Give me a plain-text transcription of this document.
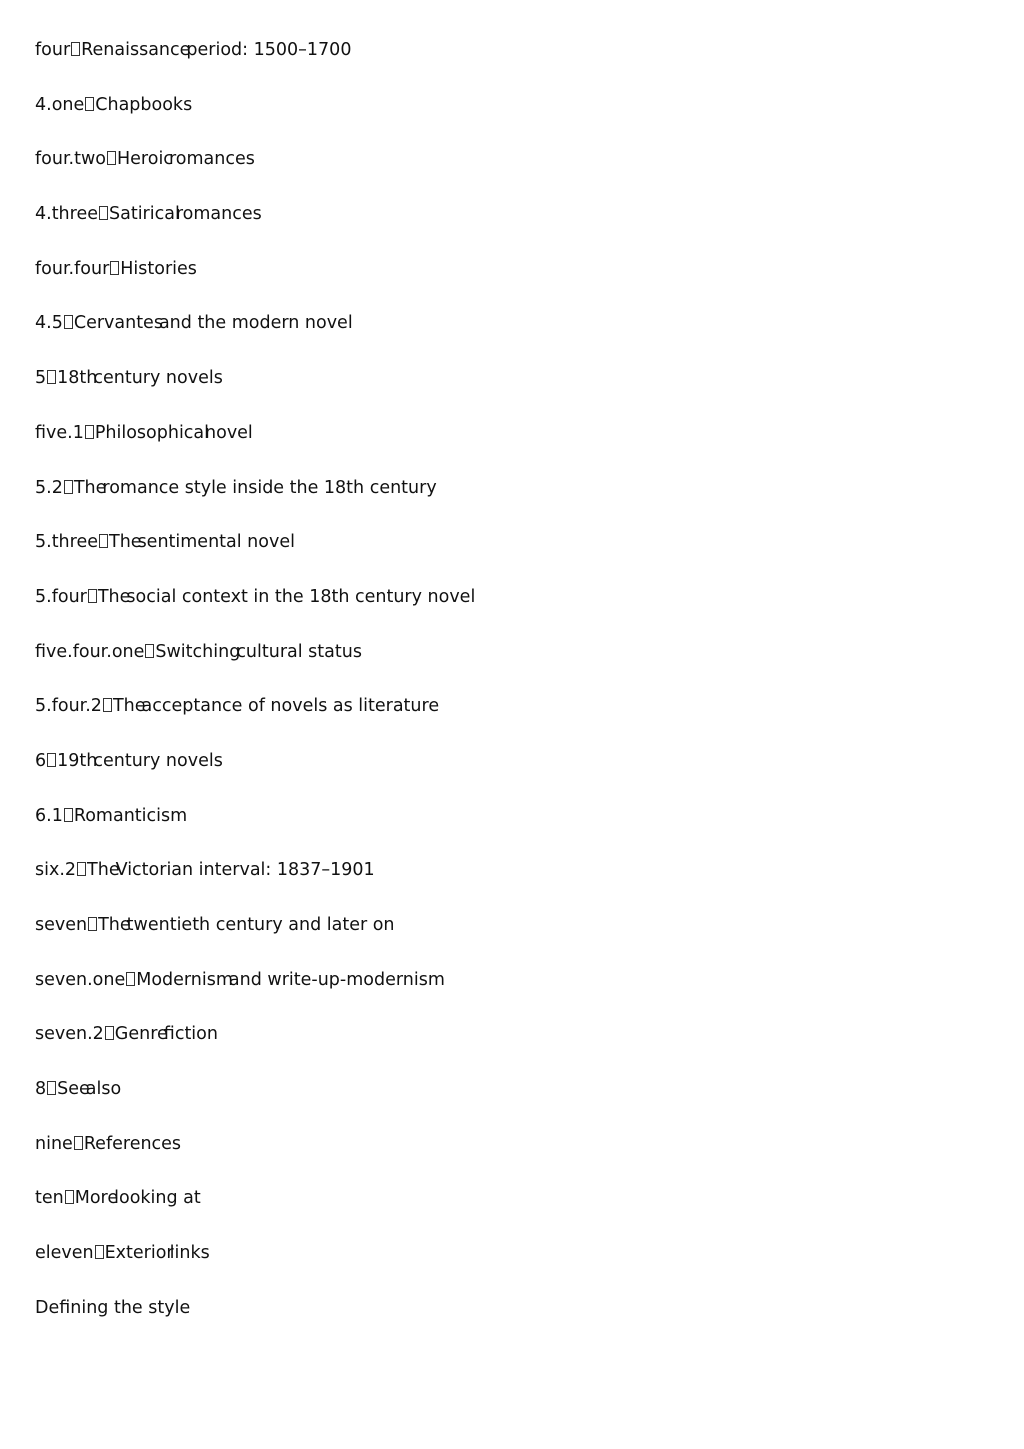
four Renaissanceperiod: 1500–1700
4.one Chapbooks
four.two Heroicromances
4.three Satiricalromances
four.four Histories
4.5 Cervantesand the modern novel
5 18thcentury novels
five.1 Philosophicalnovel
5.2 Theromance style inside the 18th century
5.three Thesentimental novel
5.four Thesocial context in the 18th century novel
five.four.one Switchingcultural status
5.four.2 Theacceptance of novels as literature
6 19thcentury novels
6.1 Romanticism
six.2 TheVictorian interval: 1837–1901
seven Thetwentieth century and later on
seven.one Modernismand write-up-modernism
seven.2 Genrefiction
8 Seealso
nine References
ten Morelooking at
eleven Exteriorlinks
Defining the style
